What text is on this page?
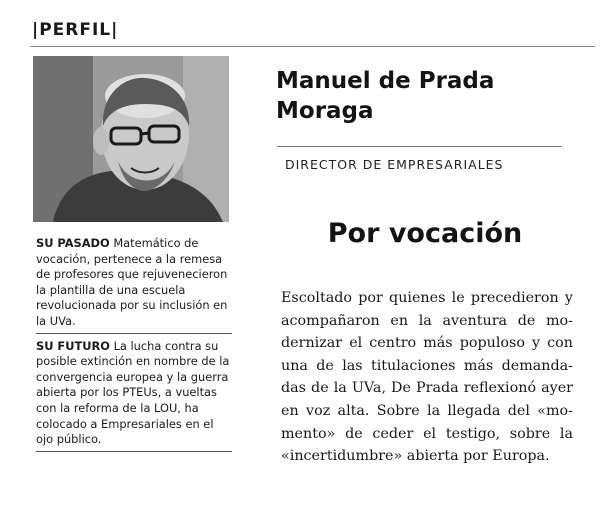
|PERFIL|
SU PASADO Matemático de vocación, pertenece a la remesa de profesores que rejuvenecieron la plantilla de una escuela revolucionada por su inclusión en la UVa.
SU FUTURO La lucha contra su posible extinción en nombre de la convergencia europea y la guerra abierta por los PTEUs, a vueltas con la reforma de la LOU, ha colocado a Empresariales en el ojo público.
Manuel de Prada
Moraga
DIRECTOR DE EMPRESARIALES
Por vocación

Escoltado por quienes le precedieron y acompañaron en la aventura de modernizar el centro más populoso y con una de las titulaciones más demandadas de la UVa, De Prada reflexionó ayer en voz alta. Sobre la llegada del «momento» de ceder el testigo, sobre la «incertidumbre» abierta por Europa.
